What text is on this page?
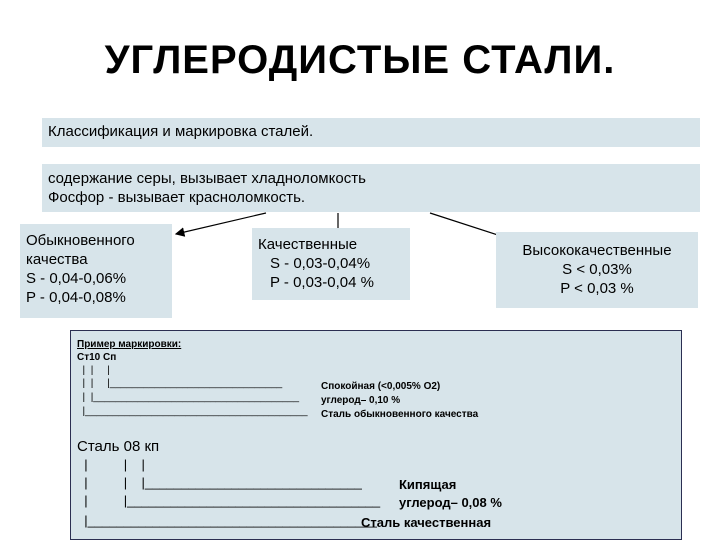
УГЛЕРОДИСТЫЕ СТАЛИ.
Классификация и маркировка сталей.
содержание серы, вызывает хладноломкость
Фосфор - вызывает красноломкость.
Обыкновенного
качества
S - 0,04-0,06%
P - 0,04-0,08%
Качественные
S - 0,03-0,04%
P - 0,03-0,04 %
Высококачественные
S < 0,03%
P < 0,03 %
Пример маркировки:
Ст10 Сп
|  |     |
|  |     |_______________________________	Спокойная (<0,005% O2)
|  |_____________________________________ углерод– 0,10 %
|________________________________________ Сталь обыкновенного качества
Сталь 08 кп
|          |    |
|          |    |______________________________	Кипящая
|          |___________________________________ углерод– 0,08 %
|________________________________________
Сталь качественная
